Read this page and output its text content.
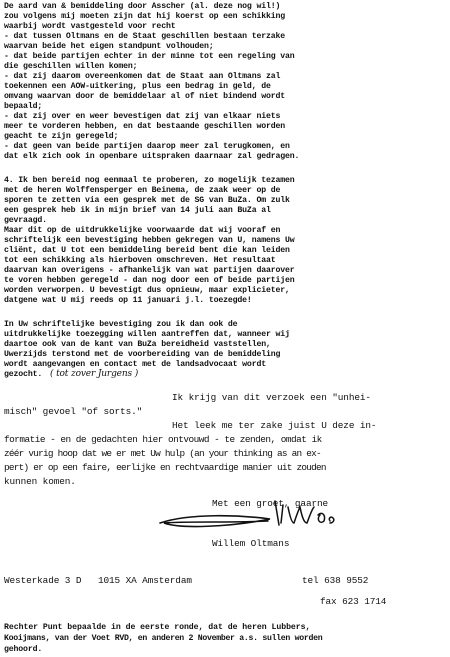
De aard van & bemiddeling door Asscher (al. deze nog wil!)
zou volgens mij moeten zijn dat hij koerst op een schikking
waarbij wordt vastgesteld voor recht
- dat tussen Oltmans en de Staat geschillen bestaan terzake
waarvan beide het eigen standpunt volhouden;
- dat beide partijen echter in der minne tot een regeling van
die geschillen willen komen;
- dat zij daarom overeenkomen dat de Staat aan Oltmans zal
toekennen een AOW-uitkering, plus een bedrag in geld, de
omvang waarvan door de bemiddelaar al of niet bindend wordt
bepaald;
- dat zij over en weer bevestigen dat zij van elkaar niets
meer te vorderen hebben, en dat bestaande geschillen worden
geacht te zijn geregeld;
- dat geen van beide partijen daarop meer zal terugkomen, en
dat elk zich ook in openbare uitspraken daarnaar zal gedragen.
4. Ik ben bereid nog eenmaal te proberen, zo mogelijk tezamen
met de heren Wolffensperger en Beinema, de zaak weer op de
sporen te zetten via een gesprek met de SG van BuZa. Om zulk
een gesprek heb ik in mijn brief van 14 juli aan BuZa al
gevraagd.
Maar dit op de uitdrukkelijke voorwaarde dat wij vooraf en
schriftelijk een bevestiging hebben gekregen van U, namens Uw
cliënt, dat U tot een bemiddeling bereid bent die kan leiden
tot een schikking als hierboven omschreven. Het resultaat
daarvan kan overigens - afhankelijk van wat partijen daarover
te voren hebben geregeld - dan nog door een of beide partijen
worden verworpen. U bevestigt dus opnieuw, maar explicieter,
datgene wat U mij reeds op 11 januari j.l. toezegde!
In Uw schriftelijke bevestiging zou ik dan ook de
uitdrukkelijke toezegging willen aantreffen dat, wanneer wij
daartoe ook van de kant van BuZa bereidheid vaststellen,
Uwerzijds terstond met de voorbereiding van de bemiddeling
wordt aangevangen en contact met de landsadvocaat wordt
gezocht. ( tot zover Jurgens )
Ik krijg van dit verzoek een "unhei-
misch" gevoel "of sorts."
Het leek me ter zake juist U deze in-
formatie - en de gedachten hier ontvouwd - te zenden, omdat ik
zéér vurig hoop dat we er met Uw hulp (an your thinking as an ex-
pert) er op een faire, eerlijke en rechtvaardige manier uit zouden
kunnen komen.
Met een groet, gaarne
Willem Oltmans
Westerkade 3 D   1015 XA Amsterdam	tel 638 9552
fax 623 1714
Rechter Punt bepaalde in de eerste ronde, dat de heren Lubbers,
Kooijmans, van der Voet RVD, en anderen 2 November a.s. sullen worden
gehoord.
